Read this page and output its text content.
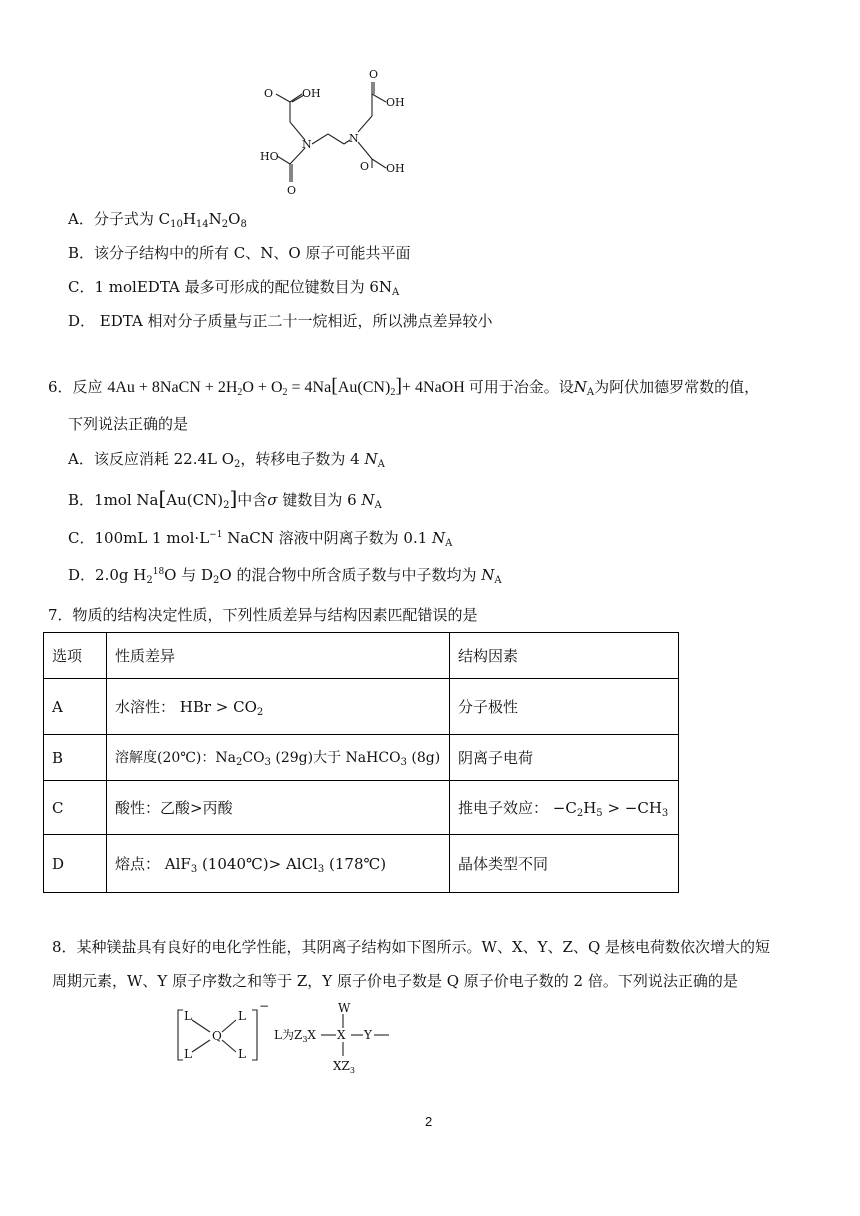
O	OH
N
HO
O
N
O
OH
O OH
A．分子式为 $C_{10}H_{14}N_2O_8$
B．该分子结构中的所有 C、N、O 原子可能共平面
C．1 molEDTA 最多可形成的配位键数目为 $6N_A$
D． EDTA 相对分子质量与正二十一烷相近，所以沸点差异较小
6．反应 4Au + 8NaCN + $2H_2O + O_2 = 4Na[Au(CN)_2]+$ 4NaOH 可用于冶金。设$N_A$为阿伏加德罗常数的值，
下列说法正确的是
A．该反应消耗 22.4L $O_2$，转移电子数为 4 $N_A$
B．1mol $Na[Au(CN)_2]$中含σ 键数目为 6 $N_A$
C．100mL 1 $mol\cdot L^{-1}$ NaCN 溶液中阴离子数为 0.1 $N_A$
D．2.0g $H_2^{18}O$ 与 $D_2O$ 的混合物中所含质子数与中子数均为 $N_A$
7．物质的结构决定性质，下列性质差异与结构因素匹配错误的是
选项	性质差异	结构因素
A	水溶性： HBr > $CO_2$	分子极性
B	溶解度(20℃)：$Na_2CO_3$ (29g)大于 NaHCO$_3$ (8g)	阴离子电荷
C	酸性：乙酸>丙酸	推电子效应： $-C_2H_5 > -CH_3$
D	熔点： AlF$_3$ (1040℃)> AlCl$_3$ (178℃)	晶体类型不同
8．某种镁盐具有良好的电化学性能，其阴离子结构如下图所示。W、X、Y、Z、Q 是核电荷数依次增大的短
周期元素，W、Y 原子序数之和等于 Z，Y 原子价电子数是 Q 原子价电子数的 2 倍。下列说法正确的是
L	L
Q
L	L
−
L为$Z_3X$
W
X Y
$XZ_3$
2
